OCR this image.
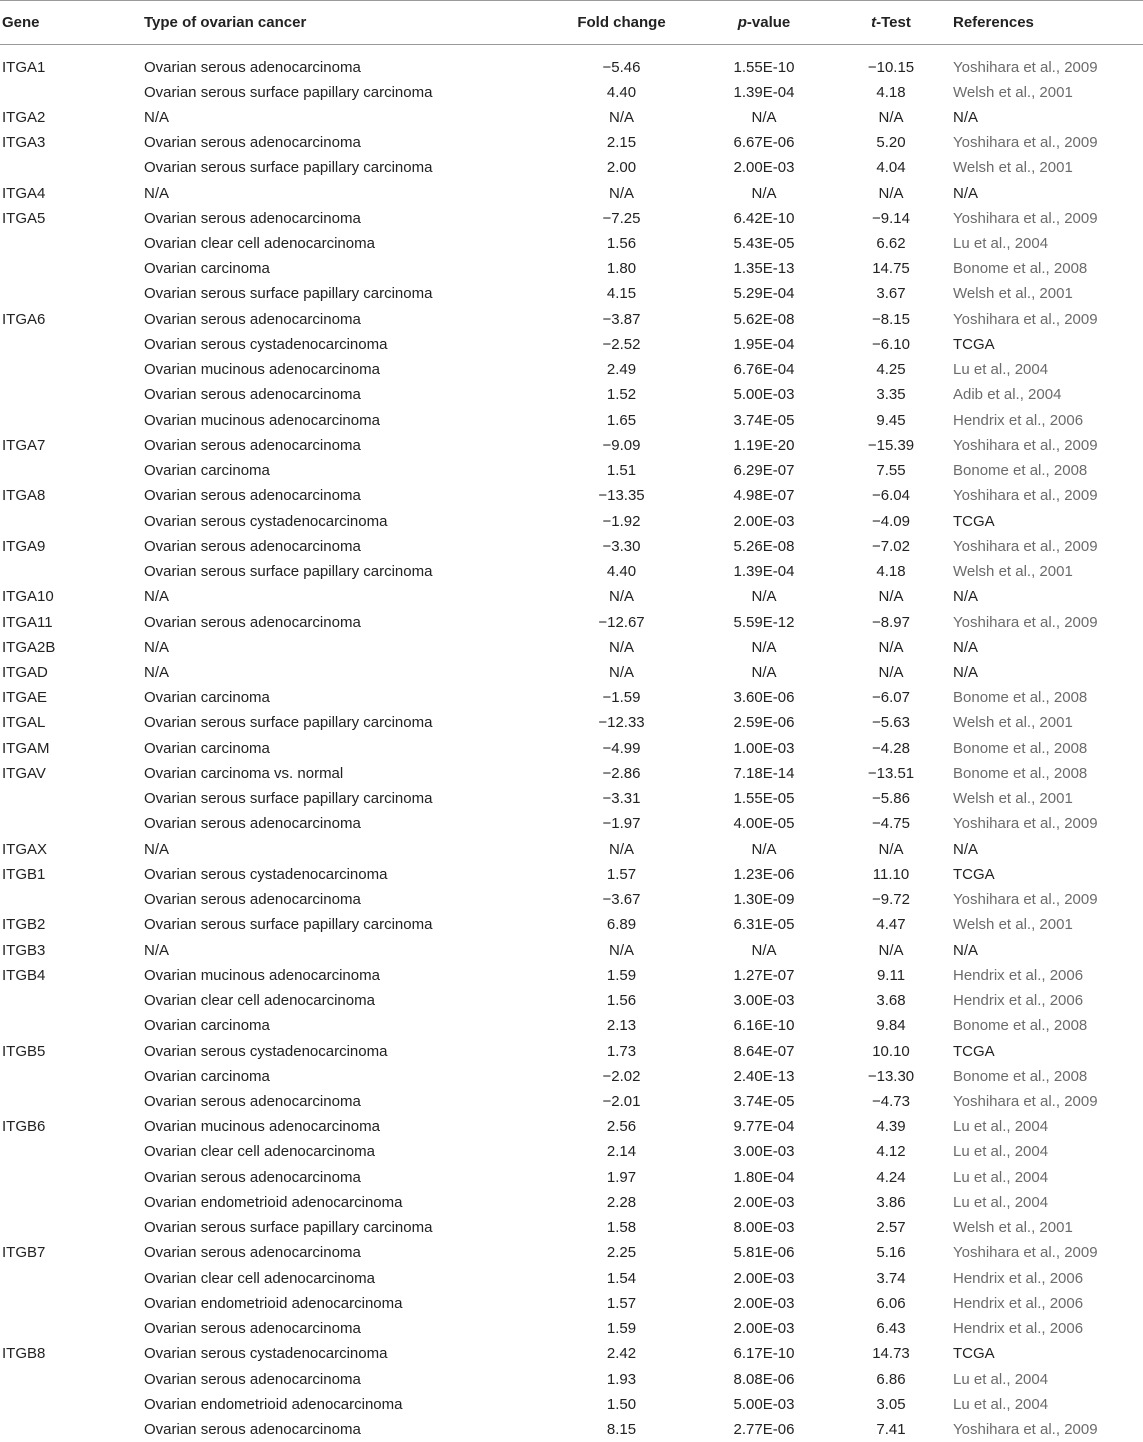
Gene	Type of ovarian cancer	Fold change	p-value	t-Test	References
ITGA1	Ovarian serous adenocarcinoma	−5.46	1.55E-10	−10.15	Yoshihara et al., 2009
	Ovarian serous surface papillary carcinoma	4.40	1.39E-04	4.18	Welsh et al., 2001
ITGA2	N/A	N/A	N/A	N/A	N/A
ITGA3	Ovarian serous adenocarcinoma	2.15	6.67E-06	5.20	Yoshihara et al., 2009
	Ovarian serous surface papillary carcinoma	2.00	2.00E-03	4.04	Welsh et al., 2001
ITGA4	N/A	N/A	N/A	N/A	N/A
ITGA5	Ovarian serous adenocarcinoma	−7.25	6.42E-10	−9.14	Yoshihara et al., 2009
	Ovarian clear cell adenocarcinoma	1.56	5.43E-05	6.62	Lu et al., 2004
	Ovarian carcinoma	1.80	1.35E-13	14.75	Bonome et al., 2008
	Ovarian serous surface papillary carcinoma	4.15	5.29E-04	3.67	Welsh et al., 2001
ITGA6	Ovarian serous adenocarcinoma	−3.87	5.62E-08	−8.15	Yoshihara et al., 2009
	Ovarian serous cystadenocarcinoma	−2.52	1.95E-04	−6.10	TCGA
	Ovarian mucinous adenocarcinoma	2.49	6.76E-04	4.25	Lu et al., 2004
	Ovarian serous adenocarcinoma	1.52	5.00E-03	3.35	Adib et al., 2004
	Ovarian mucinous adenocarcinoma	1.65	3.74E-05	9.45	Hendrix et al., 2006
ITGA7	Ovarian serous adenocarcinoma	−9.09	1.19E-20	−15.39	Yoshihara et al., 2009
	Ovarian carcinoma	1.51	6.29E-07	7.55	Bonome et al., 2008
ITGA8	Ovarian serous adenocarcinoma	−13.35	4.98E-07	−6.04	Yoshihara et al., 2009
	Ovarian serous cystadenocarcinoma	−1.92	2.00E-03	−4.09	TCGA
ITGA9	Ovarian serous adenocarcinoma	−3.30	5.26E-08	−7.02	Yoshihara et al., 2009
	Ovarian serous surface papillary carcinoma	4.40	1.39E-04	4.18	Welsh et al., 2001
ITGA10	N/A	N/A	N/A	N/A	N/A
ITGA11	Ovarian serous adenocarcinoma	−12.67	5.59E-12	−8.97	Yoshihara et al., 2009
ITGA2B	N/A	N/A	N/A	N/A	N/A
ITGAD	N/A	N/A	N/A	N/A	N/A
ITGAE	Ovarian carcinoma	−1.59	3.60E-06	−6.07	Bonome et al., 2008
ITGAL	Ovarian serous surface papillary carcinoma	−12.33	2.59E-06	−5.63	Welsh et al., 2001
ITGAM	Ovarian carcinoma	−4.99	1.00E-03	−4.28	Bonome et al., 2008
ITGAV	Ovarian carcinoma vs. normal	−2.86	7.18E-14	−13.51	Bonome et al., 2008
	Ovarian serous surface papillary carcinoma	−3.31	1.55E-05	−5.86	Welsh et al., 2001
	Ovarian serous adenocarcinoma	−1.97	4.00E-05	−4.75	Yoshihara et al., 2009
ITGAX	N/A	N/A	N/A	N/A	N/A
ITGB1	Ovarian serous cystadenocarcinoma	1.57	1.23E-06	11.10	TCGA
	Ovarian serous adenocarcinoma	−3.67	1.30E-09	−9.72	Yoshihara et al., 2009
ITGB2	Ovarian serous surface papillary carcinoma	6.89	6.31E-05	4.47	Welsh et al., 2001
ITGB3	N/A	N/A	N/A	N/A	N/A
ITGB4	Ovarian mucinous adenocarcinoma	1.59	1.27E-07	9.11	Hendrix et al., 2006
	Ovarian clear cell adenocarcinoma	1.56	3.00E-03	3.68	Hendrix et al., 2006
	Ovarian carcinoma	2.13	6.16E-10	9.84	Bonome et al., 2008
ITGB5	Ovarian serous cystadenocarcinoma	1.73	8.64E-07	10.10	TCGA
	Ovarian carcinoma	−2.02	2.40E-13	−13.30	Bonome et al., 2008
	Ovarian serous adenocarcinoma	−2.01	3.74E-05	−4.73	Yoshihara et al., 2009
ITGB6	Ovarian mucinous adenocarcinoma	2.56	9.77E-04	4.39	Lu et al., 2004
	Ovarian clear cell adenocarcinoma	2.14	3.00E-03	4.12	Lu et al., 2004
	Ovarian serous adenocarcinoma	1.97	1.80E-04	4.24	Lu et al., 2004
	Ovarian endometrioid adenocarcinoma	2.28	2.00E-03	3.86	Lu et al., 2004
	Ovarian serous surface papillary carcinoma	1.58	8.00E-03	2.57	Welsh et al., 2001
ITGB7	Ovarian serous adenocarcinoma	2.25	5.81E-06	5.16	Yoshihara et al., 2009
	Ovarian clear cell adenocarcinoma	1.54	2.00E-03	3.74	Hendrix et al., 2006
	Ovarian endometrioid adenocarcinoma	1.57	2.00E-03	6.06	Hendrix et al., 2006
	Ovarian serous adenocarcinoma	1.59	2.00E-03	6.43	Hendrix et al., 2006
ITGB8	Ovarian serous cystadenocarcinoma	2.42	6.17E-10	14.73	TCGA
	Ovarian serous adenocarcinoma	1.93	8.08E-06	6.86	Lu et al., 2004
	Ovarian endometrioid adenocarcinoma	1.50	5.00E-03	3.05	Lu et al., 2004
	Ovarian serous adenocarcinoma	8.15	2.77E-06	7.41	Yoshihara et al., 2009
